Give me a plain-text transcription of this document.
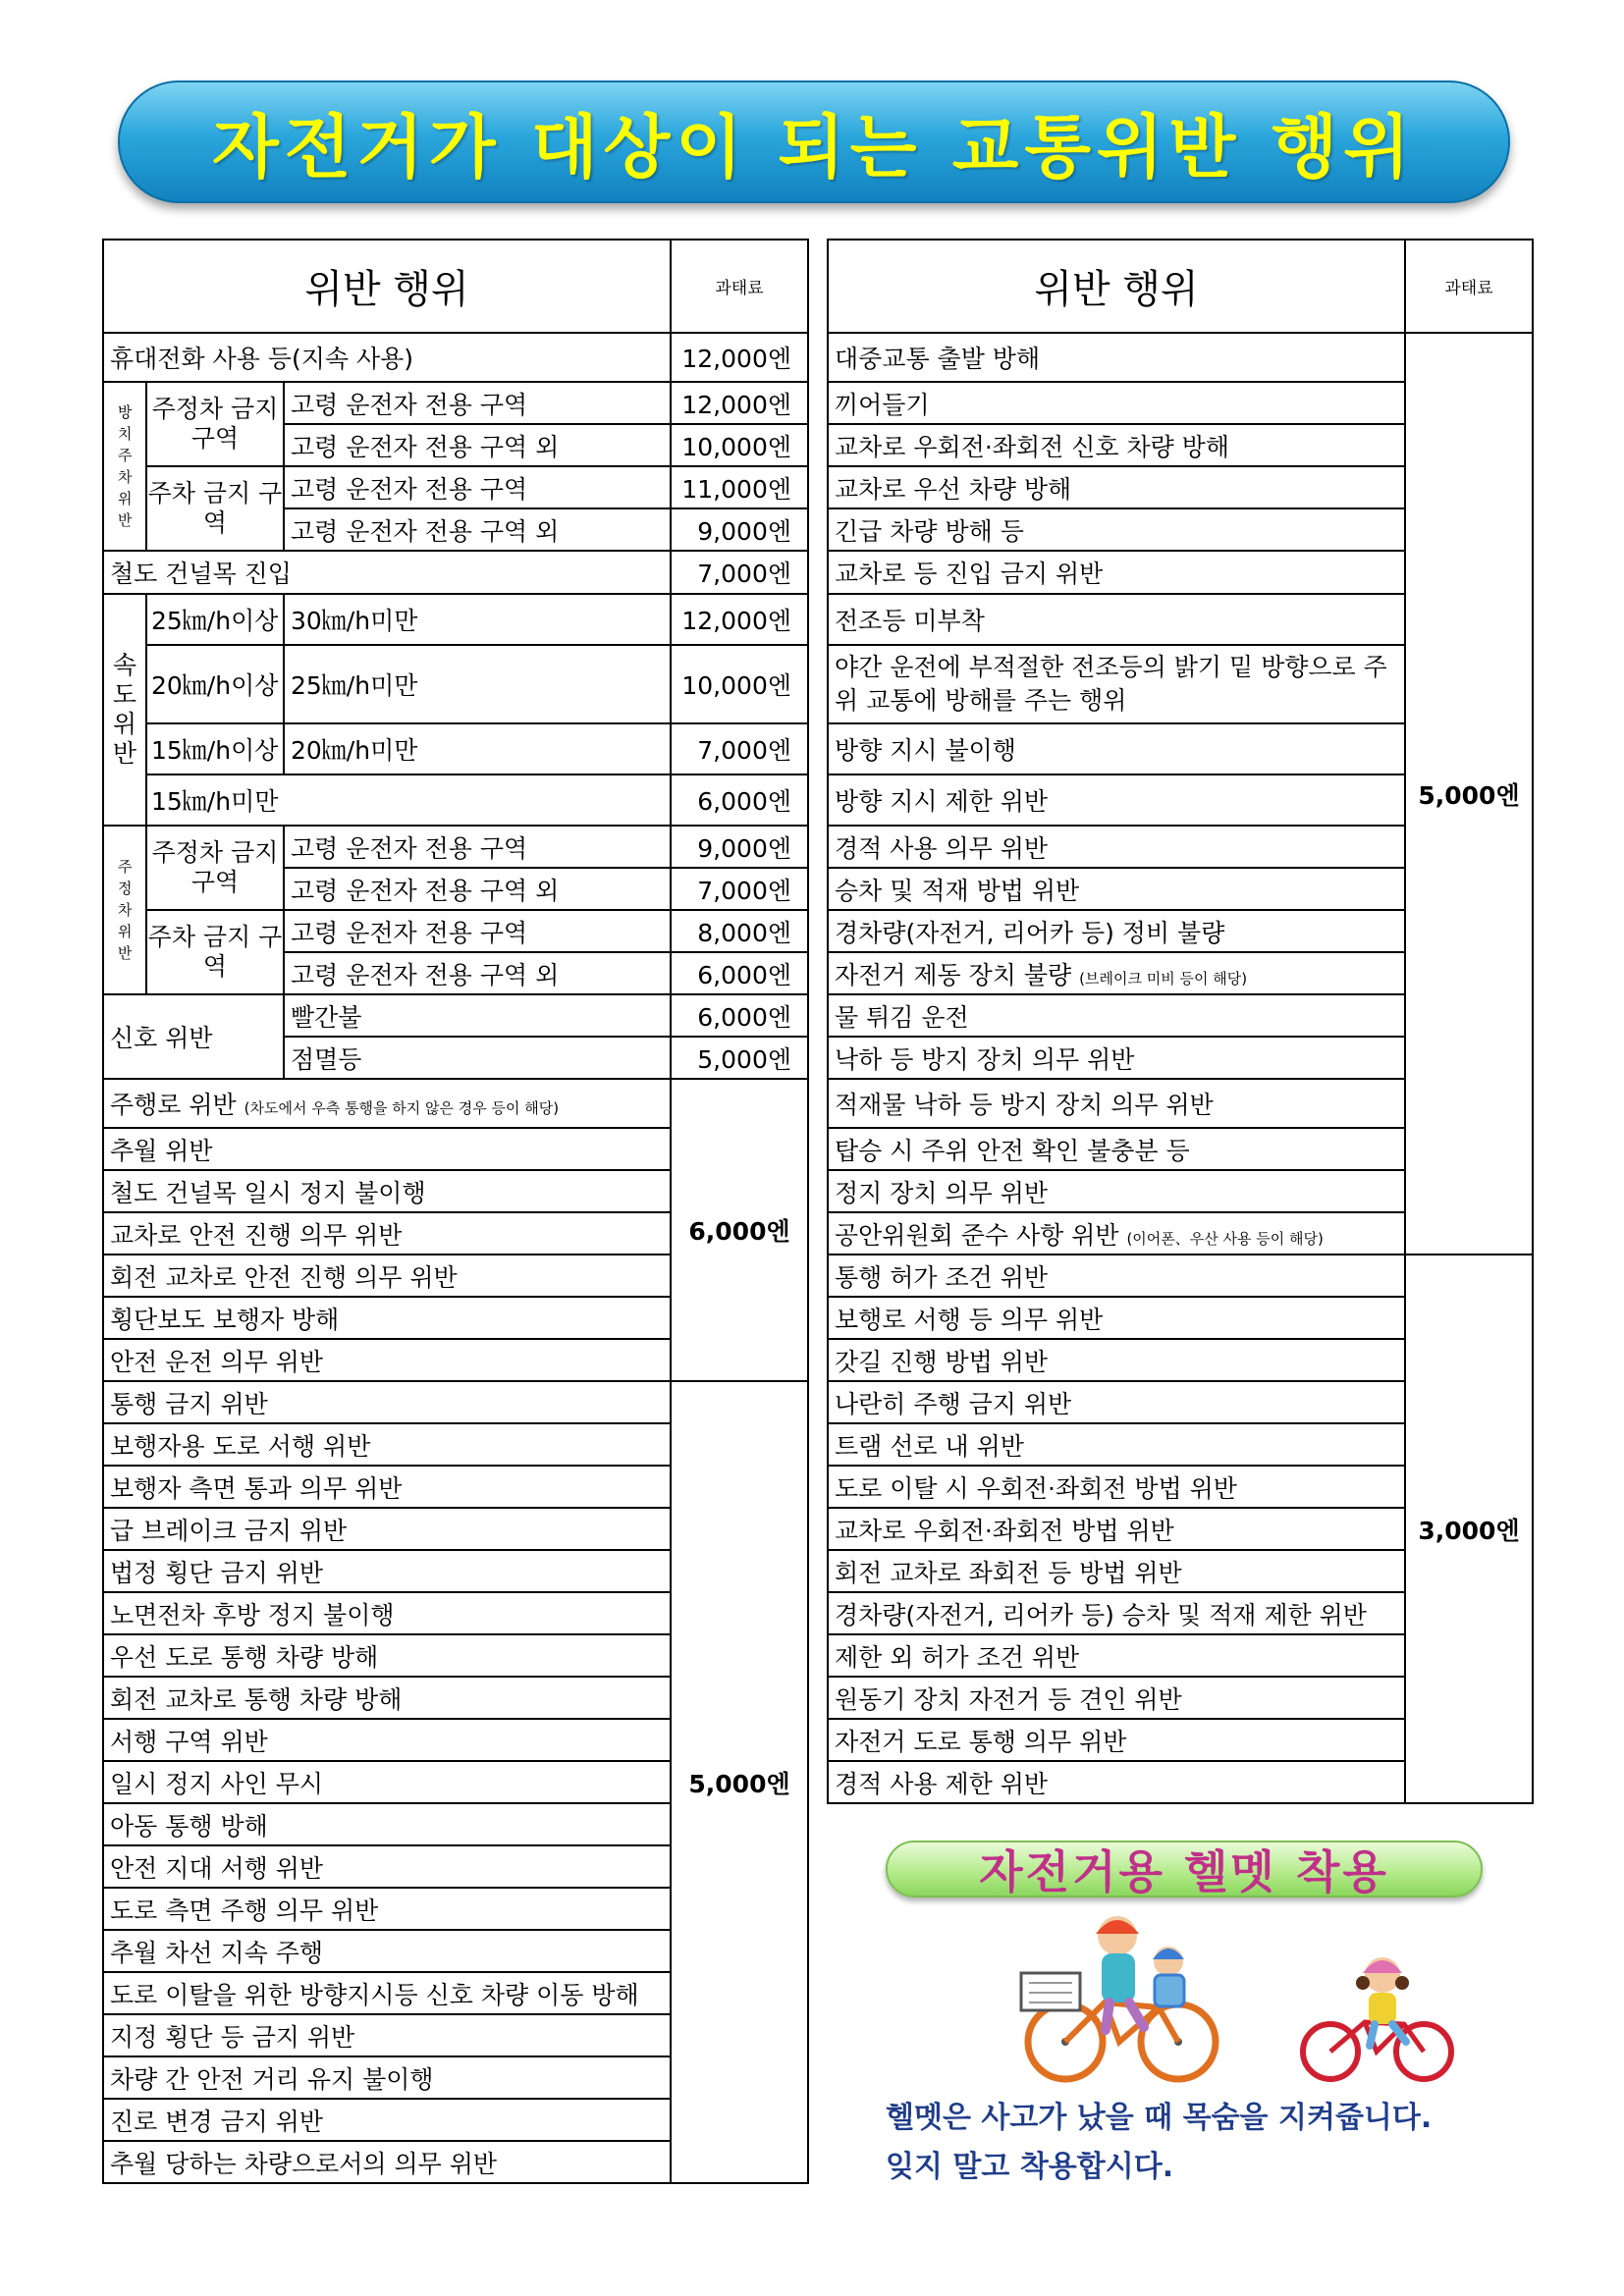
자전거가 대상이 되는 교통위반 행위
위반 행위			과태료
휴대전화 사용 등(지속 사용)			12,000엔
방치주차위반	주정차 금지 구역	고령 운전자 전용 구역	12,000엔
		고령 운전자 전용 구역 외	10,000엔
	주차 금지 구역	고령 운전자 전용 구역	11,000엔
		고령 운전자 전용 구역 외	9,000엔
철도 건널목 진입			7,000엔
속도위반	25㎞/h이상	30㎞/h미만	12,000엔
	20㎞/h이상	25㎞/h미만	10,000엔
	15㎞/h이상	20㎞/h미만	7,000엔
	15㎞/h미만		6,000엔
주정차위반	주정차 금지 구역	고령 운전자 전용 구역	9,000엔
		고령 운전자 전용 구역 외	7,000엔
	주차 금지 구역	고령 운전자 전용 구역	8,000엔
		고령 운전자 전용 구역 외	6,000엔
신호 위반		빨간불	6,000엔
		점멸등	5,000엔
주행로 위반 (차도에서 우측 통행을 하지 않은 경우 등이 해당)			6,000엔
추월 위반			
철도 건널목 일시 정지 불이행			
교차로 안전 진행 의무 위반			
회전 교차로 안전 진행 의무 위반			
횡단보도 보행자 방해			
안전 운전 의무 위반			
통행 금지 위반			5,000엔
보행자용 도로 서행 위반			
보행자 측면 통과 의무 위반			
급 브레이크 금지 위반			
법정 횡단 금지 위반			
노면전차 후방 정지 불이행			
우선 도로 통행 차량 방해			
회전 교차로 통행 차량 방해			
서행 구역 위반			
일시 정지 사인 무시			
아동 통행 방해			
안전 지대 서행 위반			
도로 측면 주행 의무 위반			
추월 차선 지속 주행			
도로 이탈을 위한 방향지시등 신호 차량 이동 방해			
지정 횡단 등 금지 위반			
차량 간 안전 거리 유지 불이행			
진로 변경 금지 위반			
추월 당하는 차량으로서의 의무 위반			
위반 행위	과태료
대중교통 출발 방해	5,000엔
끼어들기	
교차로 우회전·좌회전 신호 차량 방해	
교차로 우선 차량 방해	
긴급 차량 방해 등	
교차로 등 진입 금지 위반	
전조등 미부착	
야간 운전에 부적절한 전조등의 밝기 밑 방향으로 주위 교통에 방해를 주는 행위	
방향 지시 불이행	
방향 지시 제한 위반	
경적 사용 의무 위반	
승차 및 적재 방법 위반	
경차량(자전거, 리어카 등) 정비 불량	
자전거 제동 장치 불량 (브레이크 미비 등이 해당)	
물 튀김 운전	
낙하 등 방지 장치 의무 위반	
적재물 낙하 등 방지 장치 의무 위반	
탑승 시 주위 안전 확인 불충분 등	
정지 장치 의무 위반	
공안위원회 준수 사항 위반 (이어폰、우산 사용 등이 해당)	
통행 허가 조건 위반	3,000엔
보행로 서행 등 의무 위반	
갓길 진행 방법 위반	
나란히 주행 금지 위반	
트램 선로 내 위반	
도로 이탈 시 우회전·좌회전 방법 위반	
교차로 우회전·좌회전 방법 위반	
회전 교차로 좌회전 등 방법 위반	
경차량(자전거, 리어카 등) 승차 및 적재 제한 위반	
제한 외 허가 조건 위반	
원동기 장치 자전거 등 견인 위반	
자전거 도로 통행 의무 위반	
경적 사용 제한 위반	
자전거용 헬멧 착용
헬멧은 사고가 났을 때 목숨을 지켜줍니다.
잊지 말고 착용합시다.
